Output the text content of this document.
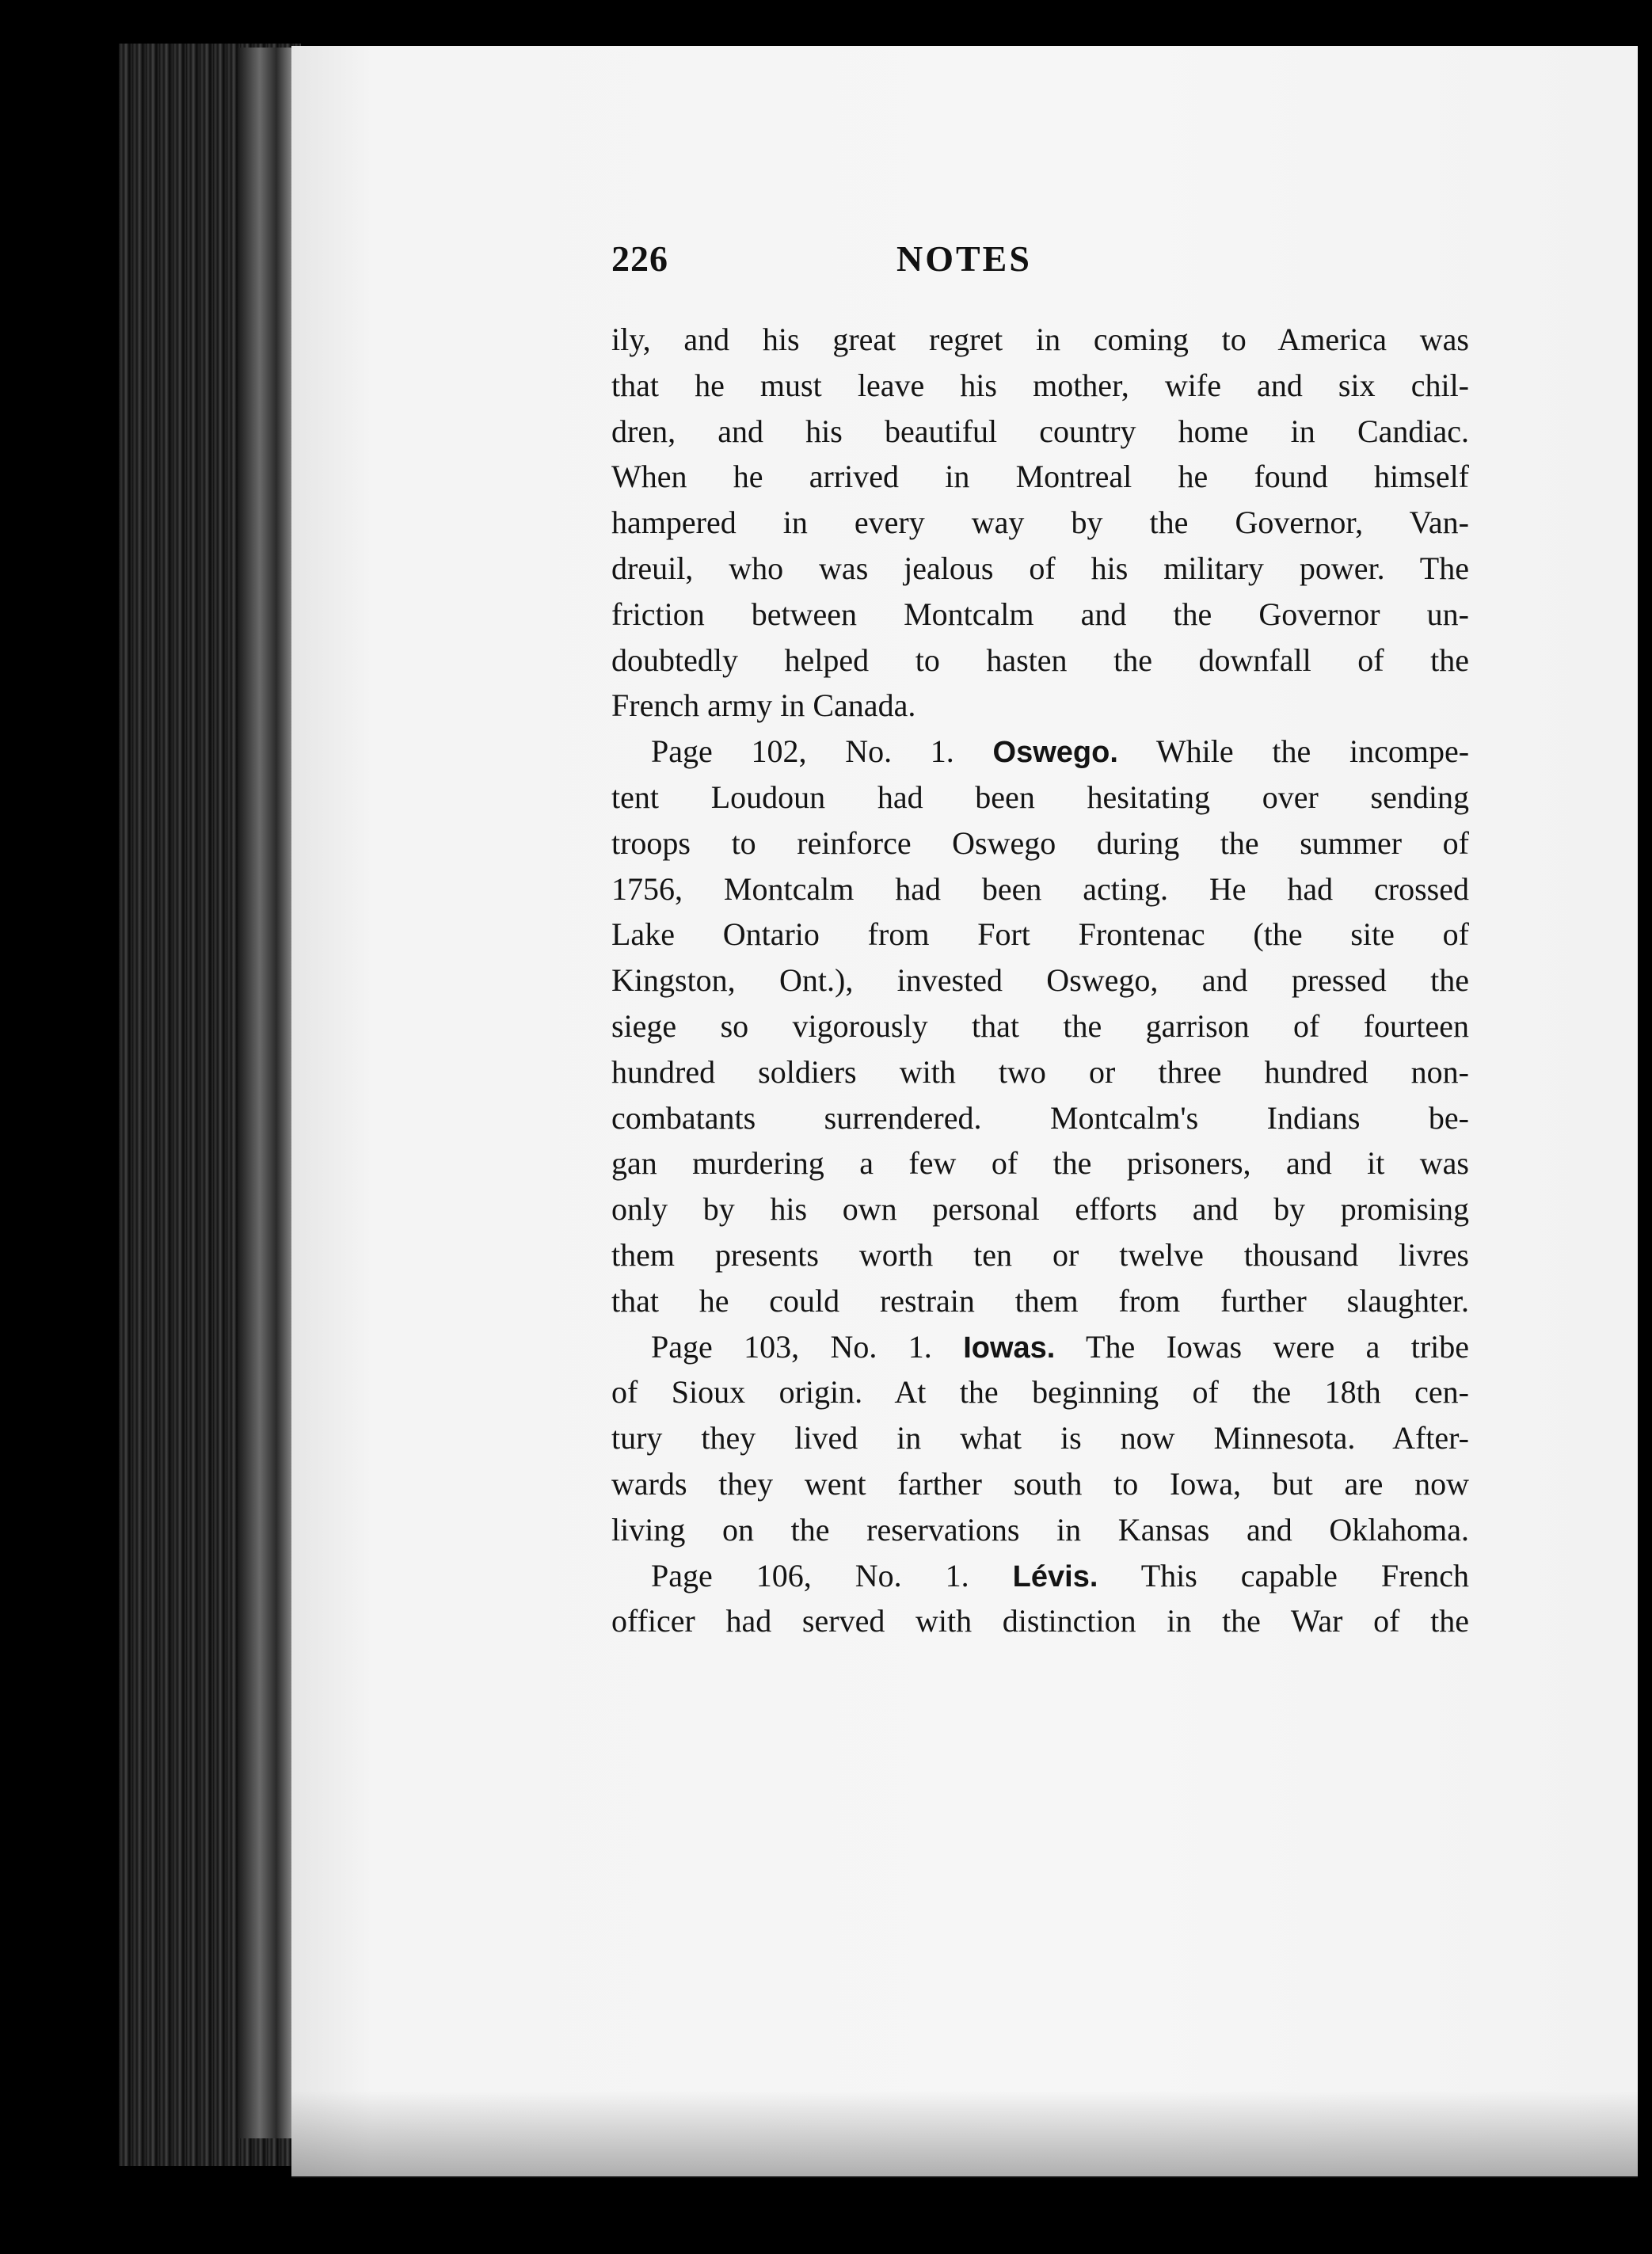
226	NOTES
ily, and his great regret in coming to America was
that he must leave his mother, wife and six chil-
dren, and his beautiful country home in Candiac.
When he arrived in Montreal he found himself
hampered in every way by the Governor, Van-
dreuil, who was jealous of his military power. The
friction between Montcalm and the Governor un-
doubtedly helped to hasten the downfall of the
French army in Canada.
Page 102, No. 1. Oswego. While the incompe-
tent Loudoun had been hesitating over sending
troops to reinforce Oswego during the summer of
1756, Montcalm had been acting. He had crossed
Lake Ontario from Fort Frontenac (the site of
Kingston, Ont.), invested Oswego, and pressed the
siege so vigorously that the garrison of fourteen
hundred soldiers with two or three hundred non-
combatants surrendered. Montcalm's Indians be-
gan murdering a few of the prisoners, and it was
only by his own personal efforts and by promising
them presents worth ten or twelve thousand livres
that he could restrain them from further slaughter.
Page 103, No. 1. Iowas. The Iowas were a tribe
of Sioux origin. At the beginning of the 18th cen-
tury they lived in what is now Minnesota. After-
wards they went farther south to Iowa, but are now
living on the reservations in Kansas and Oklahoma.
Page 106, No. 1. Lévis. This capable French
officer had served with distinction in the War of the
